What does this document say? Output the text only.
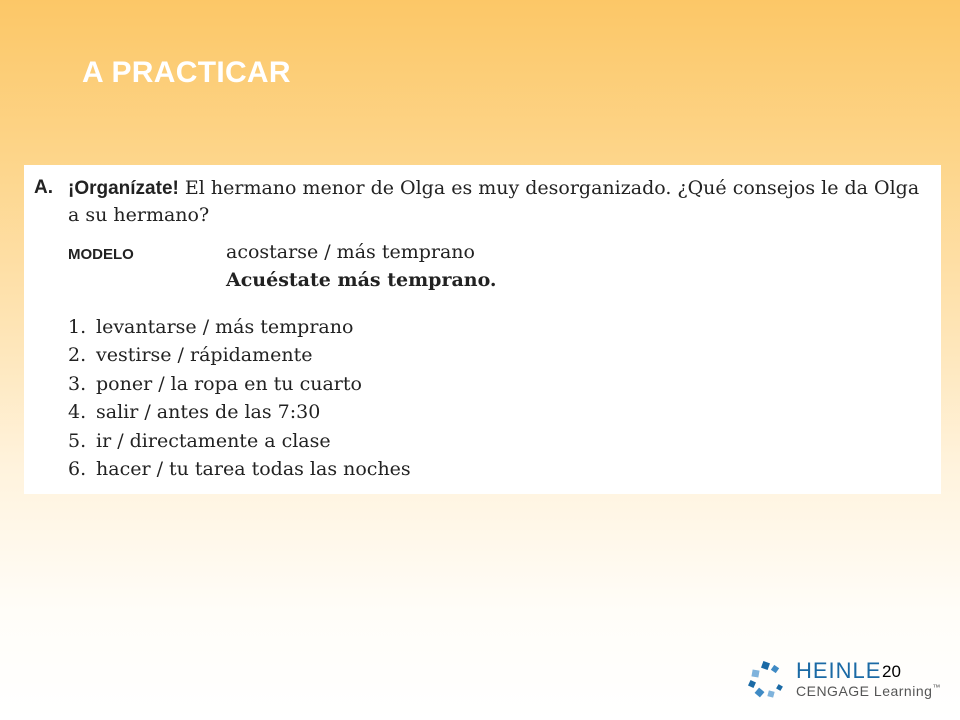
A PRACTICAR
A. ¡Organízate! El hermano menor de Olga es muy desorganizado. ¿Qué consejos le da Olga a su hermano?
MODELO	acostarse / más temprano
Acuéstate más temprano.
1. levantarse / más temprano
2. vestirse / rápidamente
3. poner / la ropa en tu cuarto
4. salir / antes de las 7:30
5. ir / directamente a clase
6. hacer / tu tarea todas las noches
HEINLE
CENGAGE Learning™
20
